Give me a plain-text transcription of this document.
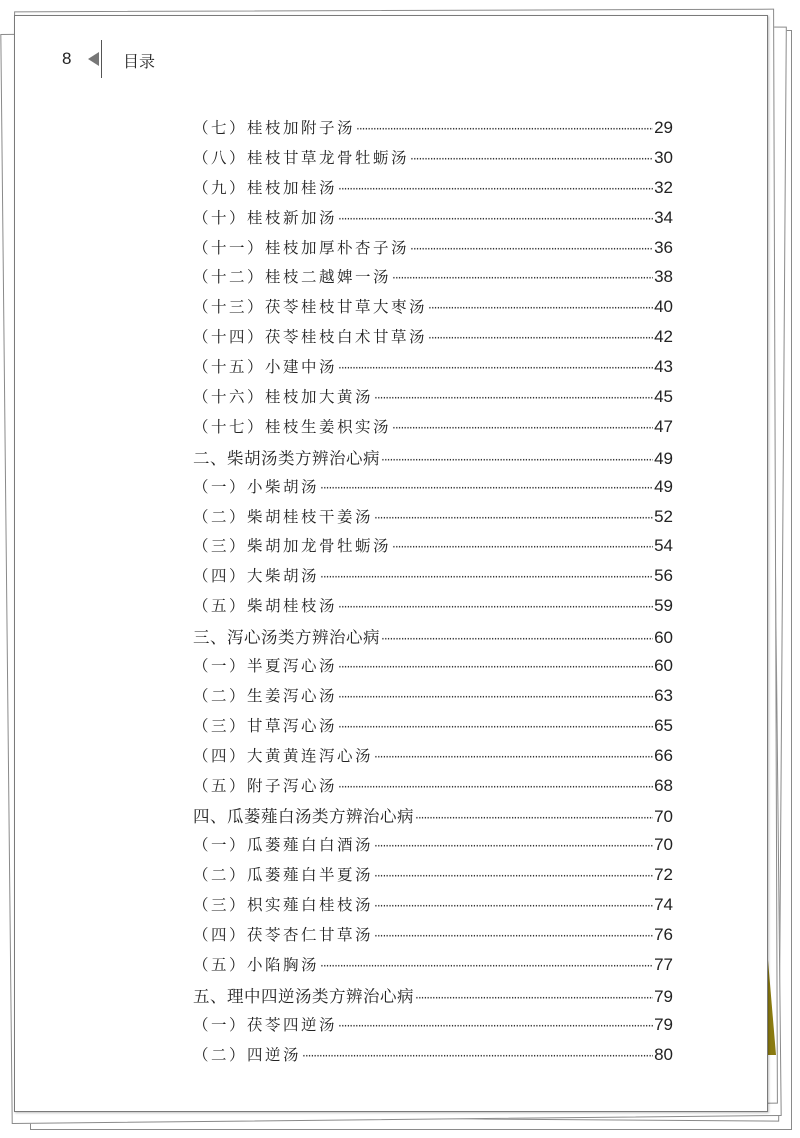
8	目录
（七）桂枝加附子汤 ·····	29
（八）桂枝甘草龙骨牡蛎汤 ·····	30
（九）桂枝加桂汤 ·····	32
（十）桂枝新加汤 ·····	34
（十一）桂枝加厚朴杏子汤 ·····	36
（十二）桂枝二越婢一汤 ·····	38
（十三）茯苓桂枝甘草大枣汤 ·····	40
（十四）茯苓桂枝白术甘草汤 ·····	42
（十五）小建中汤 ·····	43
（十六）桂枝加大黄汤 ·····	45
（十七）桂枝生姜枳实汤 ·····	47
二、柴胡汤类方辨治心病 ·····	49
（一）小柴胡汤 ·····	49
（二）柴胡桂枝干姜汤 ·····	52
（三）柴胡加龙骨牡蛎汤 ·····	54
（四）大柴胡汤 ·····	56
（五）柴胡桂枝汤 ·····	59
三、泻心汤类方辨治心病 ·····	60
（一）半夏泻心汤 ·····	60
（二）生姜泻心汤 ·····	63
（三）甘草泻心汤 ·····	65
（四）大黄黄连泻心汤 ·····	66
（五）附子泻心汤 ·····	68
四、瓜蒌薤白汤类方辨治心病 ·····	70
（一）瓜蒌薤白白酒汤 ·····	70
（二）瓜蒌薤白半夏汤 ·····	72
（三）枳实薤白桂枝汤 ·····	74
（四）茯苓杏仁甘草汤 ·····	76
（五）小陷胸汤 ·····	77
五、理中四逆汤类方辨治心病 ·····	79
（一）茯苓四逆汤 ·····	79
（二）四逆汤 ·····	80
